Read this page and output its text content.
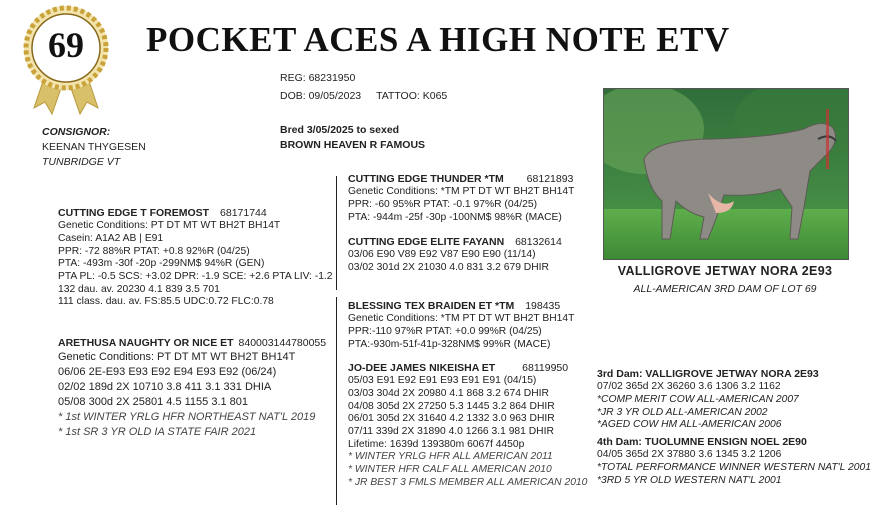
69	POCKET ACES A HIGH NOTE ETV
REG: 68231950
DOB: 09/05/2023 TATTOO: K065
CONSIGNOR:
KEENAN THYGESEN
TUNBRIDGE VT
Bred 3/05/2025 to sexed
BROWN HEAVEN R FAMOUS
CUTTING EDGE T FOREMOST 68171744
Genetic Conditions: PT DT MT WT BH2T BH14T
Casein: A1A2 AB | E91
PPR: -72 88%R PTAT: +0.8 92%R (04/25)
PTA: -493m -30f -20p -299NM$ 94%R (GEN)
PTA PL: -0.5 SCS: +3.02 DPR: -1.9 SCE: +2.6 PTA LIV: -1.2
132 dau. av. 20230 4.1 839 3.5 701
111 class. dau. av. FS:85.5 UDC:0.72 FLC:0.78
CUTTING EDGE THUNDER *TM 68121893
Genetic Conditions: *TM PT DT WT BH2T BH14T
PPR: -60 95%R PTAT: -0.1 97%R (04/25)
PTA: -944m -25f -30p -100NM$ 98%R (MACE)
CUTTING EDGE ELITE FAYANN 68132614
03/06 E90 V89 E92 V87 E90 E90 (11/14)
03/02 301d 2X 21030 4.0 831 3.2 679 DHIR
ARETHUSA NAUGHTY OR NICE ET 840003144780055
Genetic Conditions: PT DT MT WT BH2T BH14T
06/06 2E-E93 E93 E92 E94 E93 E92 (06/24)
02/02 189d 2X 10710 3.8 411 3.1 331 DHIA
05/08 300d 2X 25801 4.5 1155 3.1 801
* 1st WINTER YRLG HFR NORTHEAST NAT'L 2019
* 1st SR 3 YR OLD IA STATE FAIR 2021
BLESSING TEX BRAIDEN ET *TM 198435
Genetic Conditions: *TM PT DT WT BH2T BH14T
PPR:-110 97%R PTAT: +0.0 99%R (04/25)
PTA:-930m-51f-41p-328NM$ 99%R (MACE)
JO-DEE JAMES NIKEISHA ET	68119950
05/03 E91 E92 E91 E93 E91 E91 (04/15)
03/03 304d 2X 20980 4.1 868 3.2 674 DHIR
04/08 305d 2X 27250 5.3 1445 3.2 864 DHIR
06/01 305d 2X 31640 4.2 1332 3.0 963 DHIR
07/11 339d 2X 31890 4.0 1266 3.1 981 DHIR
Lifetime: 1639d 139380m 6067f 4450p
* WINTER YRLG HFR ALL AMERICAN 2011
* WINTER HFR CALF ALL AMERICAN 2010
* JR BEST 3 FMLS MEMBER ALL AMERICAN 2010
VALLIGROVE JETWAY NORA 2E93
ALL-AMERICAN 3RD DAM OF LOT 69
3rd Dam: VALLIGROVE JETWAY NORA 2E93
07/02 365d 2X 36260 3.6 1306 3.2 1162
*COMP MERIT COW ALL-AMERICAN 2007
*JR 3 YR OLD ALL-AMERICAN 2002
*AGED COW HM ALL-AMERICAN 2006
4th Dam: TUOLUMNE ENSIGN NOEL 2E90
04/05 365d 2X 37880 3.6 1345 3.2 1206
*TOTAL PERFORMANCE WINNER WESTERN NAT'L 2001
*3RD 5 YR OLD WESTERN NAT'L 2001
